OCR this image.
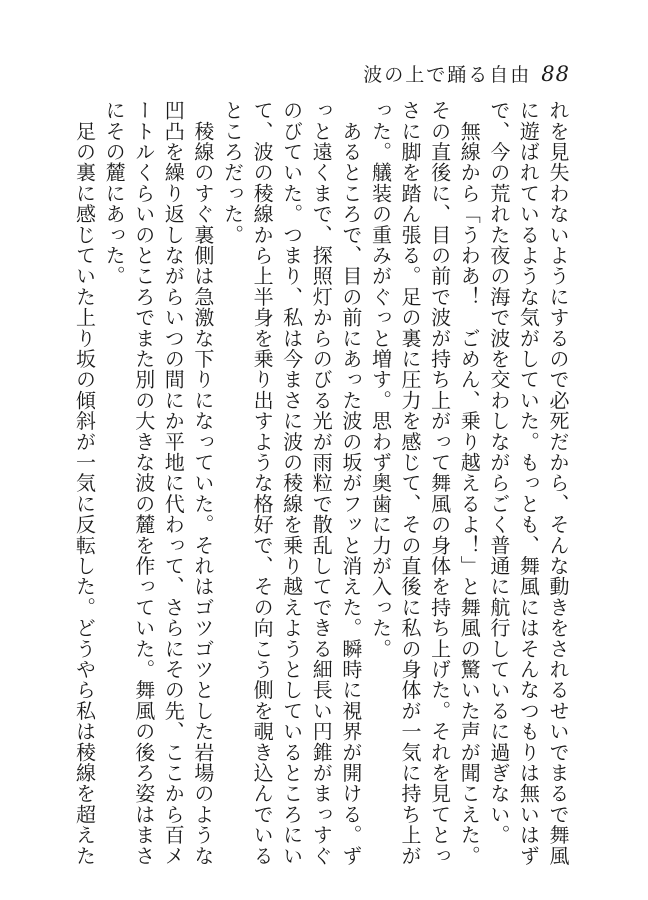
波の上で踊る自由 88
れを見失わないようにするので必死だから、そんな動きをされるせいでまるで舞風
に遊ばれているような気がしていた。もっとも、舞風にはそんなつもりは無いはず
で、今の荒れた夜の海で波を交わしながらごく普通に航行しているに過ぎない。
　無線から「うわあ！　ごめん、乗り越えるよ！」と舞風の驚いた声が聞こえた。
その直後に、目の前で波が持ち上がって舞風の身体を持ち上げた。それを見てとっ
さに脚を踏ん張る。足の裏に圧力を感じて、その直後に私の身体が一気に持ち上が
った。艤装の重みがぐっと増す。思わず奥歯に力が入った。
　あるところで、目の前にあった波の坂がフッと消えた。瞬時に視界が開ける。ず
っと遠くまで、探照灯からのびる光が雨粒で散乱してできる細長い円錐がまっすぐ
のびていた。つまり、私は今まさに波の稜線を乗り越えようとしているところにい
て、波の稜線から上半身を乗り出すような格好で、その向こう側を覗き込んでいる
ところだった。
　稜線のすぐ裏側は急激な下りになっていた。それはゴツゴツとした岩場のような
凹凸を繰り返しながらいつの間にか平地に代わって、さらにその先、ここから百メ
ートルくらいのところでまた別の大きな波の麓を作っていた。舞風の後ろ姿はまさ
にその麓にあった。
　足の裏に感じていた上り坂の傾斜が一気に反転した。どうやら私は稜線を超えた
